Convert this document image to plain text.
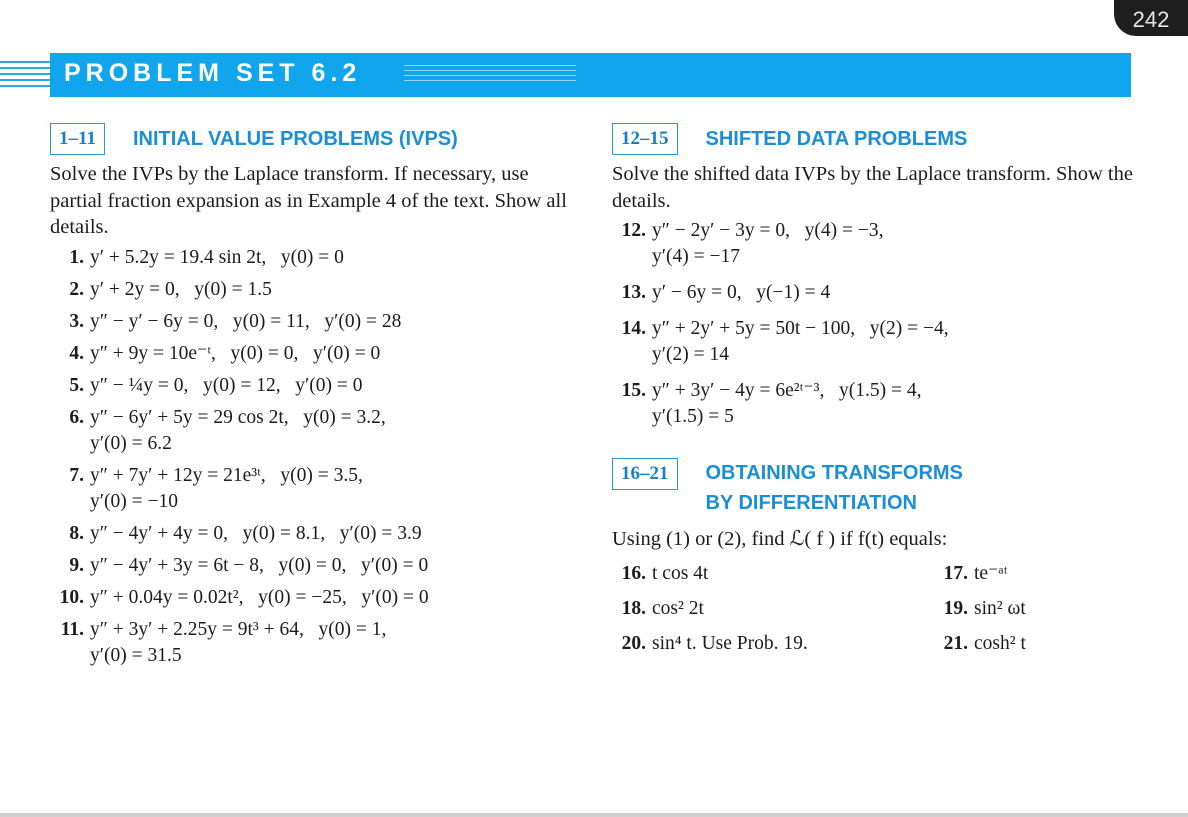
242
PROBLEM SET 6.2
1–11	INITIAL VALUE PROBLEMS (IVPS)

Solve the IVPs by the Laplace transform. If necessary, use partial fraction expansion as in Example 4 of the text. Show all details.

1. y′ + 5.2y = 19.4 sin 2t,   y(0) = 0
2. y′ + 2y = 0,   y(0) = 1.5
3. y″ − y′ − 6y = 0,   y(0) = 11,   y′(0) = 28
4. y″ + 9y = 10e⁻ᵗ,   y(0) = 0,   y′(0) = 0
5. y″ − ¼y = 0,   y(0) = 12,   y′(0) = 0
6. y″ − 6y′ + 5y = 29 cos 2t,   y(0) = 3.2,
y′(0) = 6.2
7. y″ + 7y′ + 12y = 21e³ᵗ,   y(0) = 3.5,
y′(0) = −10
8. y″ − 4y′ + 4y = 0,   y(0) = 8.1,   y′(0) = 3.9
9. y″ − 4y′ + 3y = 6t − 8,   y(0) = 0,   y′(0) = 0
10. y″ + 0.04y = 0.02t²,   y(0) = −25,   y′(0) = 0
11. y″ + 3y′ + 2.25y = 9t³ + 64,   y(0) = 1,
y′(0) = 31.5
12–15	SHIFTED DATA PROBLEMS

Solve the shifted data IVPs by the Laplace transform. Show the details.

12. y″ − 2y′ − 3y = 0,   y(4) = −3,
y′(4) = −17
13. y′ − 6y = 0,   y(−1) = 4
14. y″ + 2y′ + 5y = 50t − 100,   y(2) = −4,
y′(2) = 14
15. y″ + 3y′ − 4y = 6e²ᵗ⁻³,   y(1.5) = 4,
y′(1.5) = 5
16–21	OBTAINING TRANSFORMS
BY DIFFERENTIATION

Using (1) or (2), find ℒ( f ) if f(t) equals:

16. t cos 4t	17. te⁻ᵃᵗ
18. cos² 2t	19. sin² ωt
20. sin⁴ t. Use Prob. 19.	21. cosh² t
